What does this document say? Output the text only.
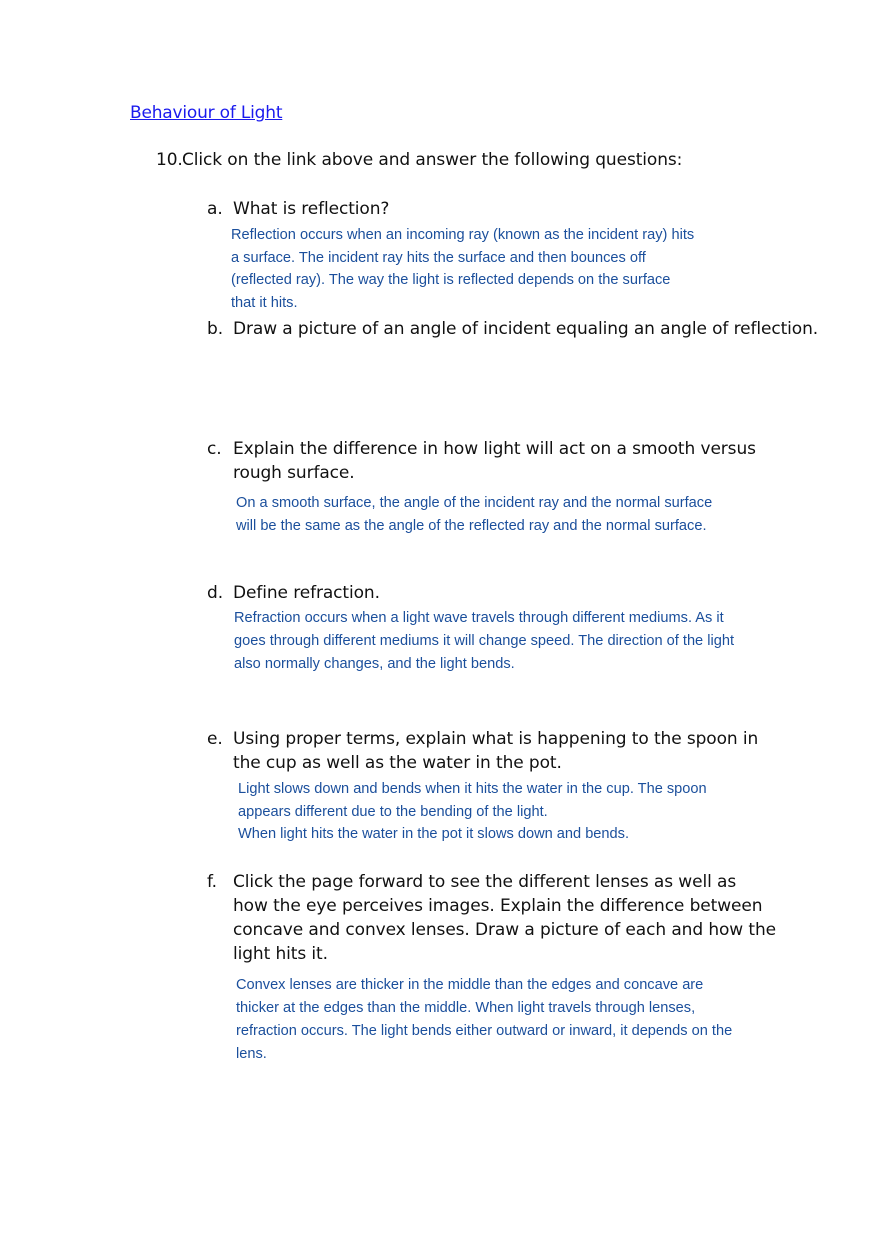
Behaviour of Light
10. Click on the link above and answer the following questions:
a. What is reflection?
Reflection occurs when an incoming ray (known as the incident ray) hits
a surface. The incident ray hits the surface and then bounces off
(reflected ray). The way the light is reflected depends on the surface
that it hits.
b. Draw a picture of an angle of incident equaling an angle of reflection.
c. Explain the difference in how light will act on a smooth versus
rough surface.
On a smooth surface, the angle of the incident ray and the normal surface
will be the same as the angle of the reflected ray and the normal surface.
d. Define refraction.
Refraction occurs when a light wave travels through different mediums. As it
goes through different mediums it will change speed. The direction of the light
also normally changes, and the light bends.
e. Using proper terms, explain what is happening to the spoon in
the cup as well as the water in the pot.
Light slows down and bends when it hits the water in the cup. The spoon
appears different due to the bending of the light.
When light hits the water in the pot it slows down and bends.
f. Click the page forward to see the different lenses as well as
how the eye perceives images. Explain the difference between
concave and convex lenses. Draw a picture of each and how the
light hits it.
Convex lenses are thicker in the middle than the edges and concave are
thicker at the edges than the middle. When light travels through lenses,
refraction occurs. The light bends either outward or inward, it depends on the
lens.
